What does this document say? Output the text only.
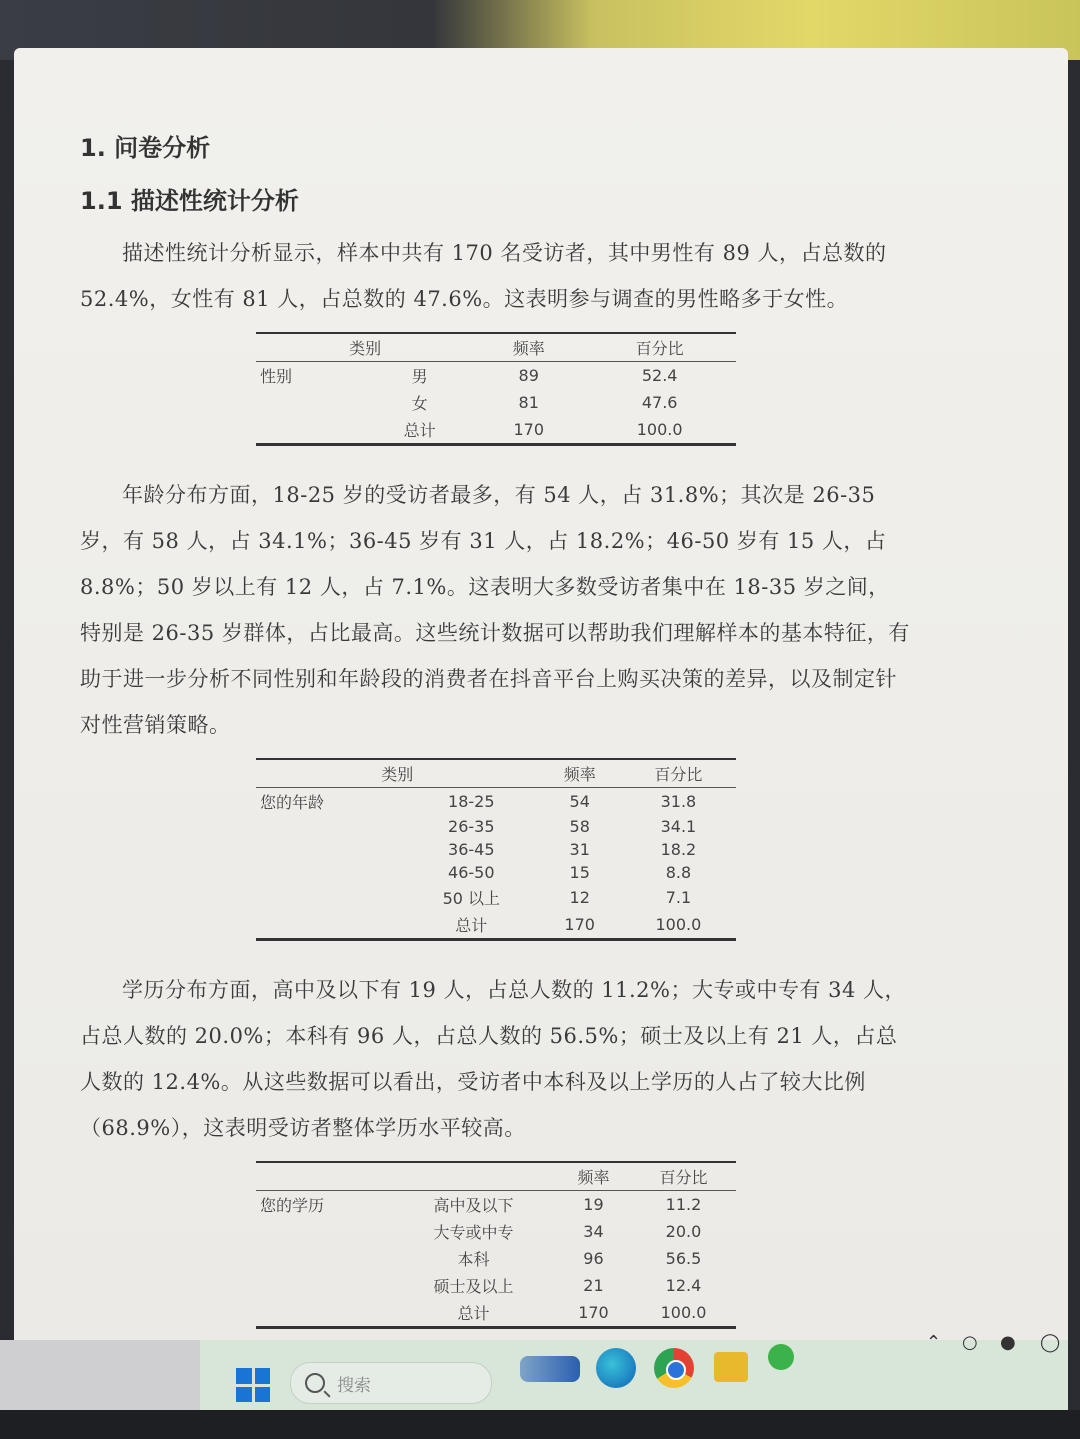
1. 问卷分析
1.1 描述性统计分析

描述性统计分析显示，样本中共有 170 名受访者，其中男性有 89 人，占总数的 52.4%，女性有 81 人，占总数的 47.6%。这表明参与调查的男性略多于女性。

类别		频率	百分比
性别	男	89	52.4
	女	81	47.6
	总计	170	100.0

年龄分布方面，18-25 岁的受访者最多，有 54 人，占 31.8%；其次是 26-35 岁，有 58 人，占 34.1%；36-45 岁有 31 人，占 18.2%；46-50 岁有 15 人，占 8.8%；50 岁以上有 12 人，占 7.1%。这表明大多数受访者集中在 18-35 岁之间，特别是 26-35 岁群体，占比最高。这些统计数据可以帮助我们理解样本的基本特征，有助于进一步分析不同性别和年龄段的消费者在抖音平台上购买决策的差异，以及制定针对性营销策略。

类别		频率	百分比
您的年龄	18-25	54	31.8
	26-35	58	34.1
	36-45	31	18.2
	46-50	15	8.8
	50 以上	12	7.1
	总计	170	100.0

学历分布方面，高中及以下有 19 人，占总人数的 11.2%；大专或中专有 34 人，占总人数的 20.0%；本科有 96 人，占总人数的 56.5%；硕士及以上有 21 人，占总人数的 12.4%。从这些数据可以看出，受访者中本科及以上学历的人占了较大比例（68.9%），这表明受访者整体学历水平较高。

		频率	百分比
您的学历	高中及以下	19	11.2
	大专或中专	34	20.0
	本科	96	56.5
	硕士及以上	21	12.4
	总计	170	100.0
搜索
⌃ ○ ● ◯
